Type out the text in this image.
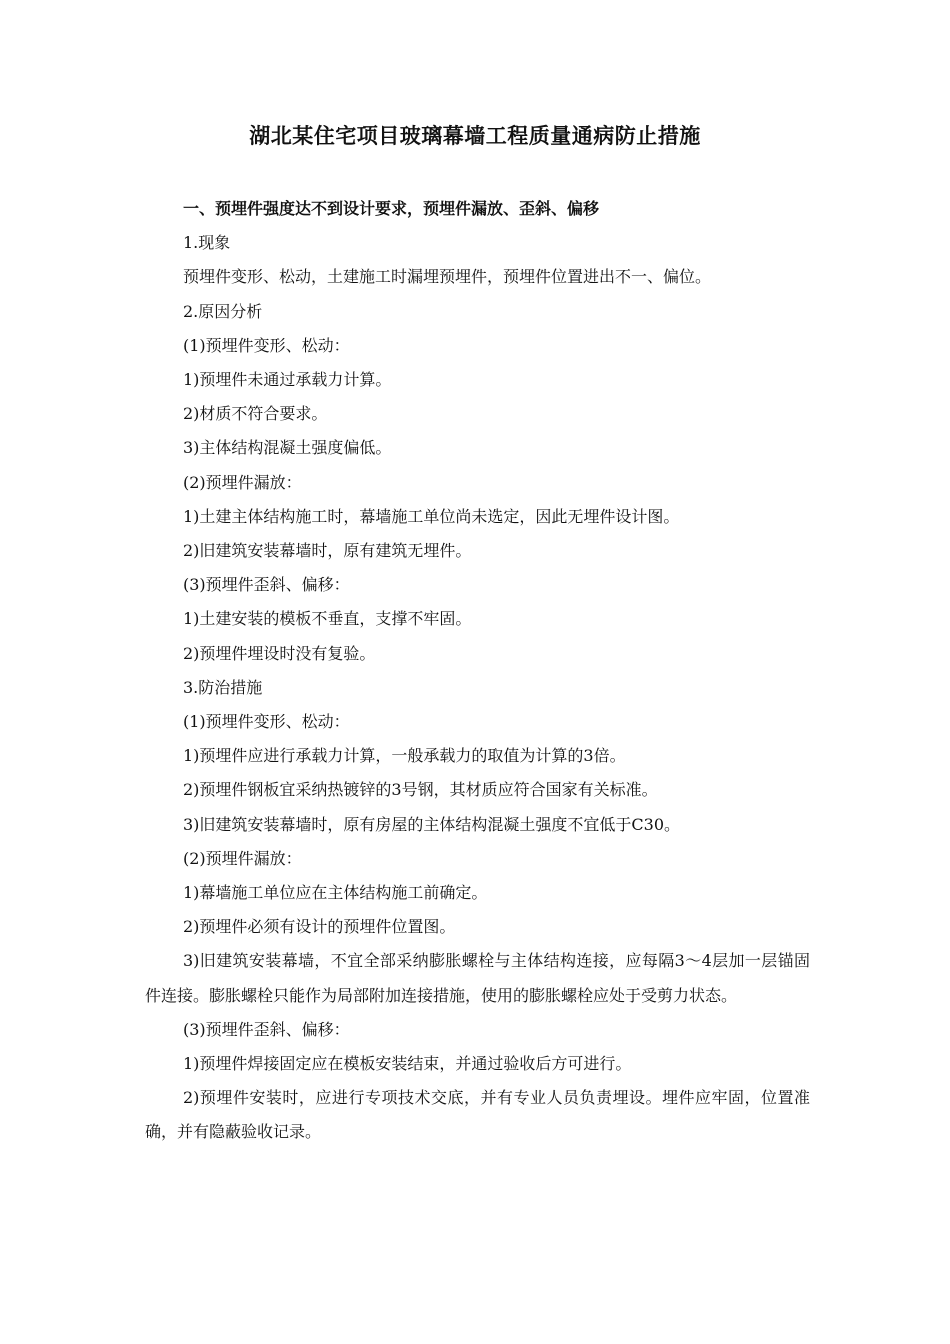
湖北某住宅项目玻璃幕墙工程质量通病防止措施

一、预埋件强度达不到设计要求，预埋件漏放、歪斜、偏移

1.现象

预埋件变形、松动，土建施工时漏埋预埋件，预埋件位置进出不一、偏位。

2.原因分析

(1)预埋件变形、松动：

1)预埋件未通过承载力计算。

2)材质不符合要求。

3)主体结构混凝土强度偏低。

(2)预埋件漏放：

1)土建主体结构施工时，幕墙施工单位尚未选定，因此无埋件设计图。

2)旧建筑安装幕墙时，原有建筑无埋件。

(3)预埋件歪斜、偏移：

1)土建安装的模板不垂直，支撑不牢固。

2)预埋件埋设时没有复验。

3.防治措施

(1)预埋件变形、松动：

1)预埋件应进行承载力计算，一般承载力的取值为计算的3倍。

2)预埋件钢板宜采纳热镀锌的3号钢，其材质应符合国家有关标准。

3)旧建筑安装幕墙时，原有房屋的主体结构混凝土强度不宜低于C30。

(2)预埋件漏放：

1)幕墙施工单位应在主体结构施工前确定。

2)预埋件必须有设计的预埋件位置图。

3)旧建筑安装幕墙，不宜全部采纳膨胀螺栓与主体结构连接，应每隔3～4层加一层锚固件连接。膨胀螺栓只能作为局部附加连接措施，使用的膨胀螺栓应处于受剪力状态。

(3)预埋件歪斜、偏移：

1)预埋件焊接固定应在模板安装结束，并通过验收后方可进行。

2)预埋件安装时，应进行专项技术交底，并有专业人员负责埋设。埋件应牢固，位置准确，并有隐蔽验收记录。
